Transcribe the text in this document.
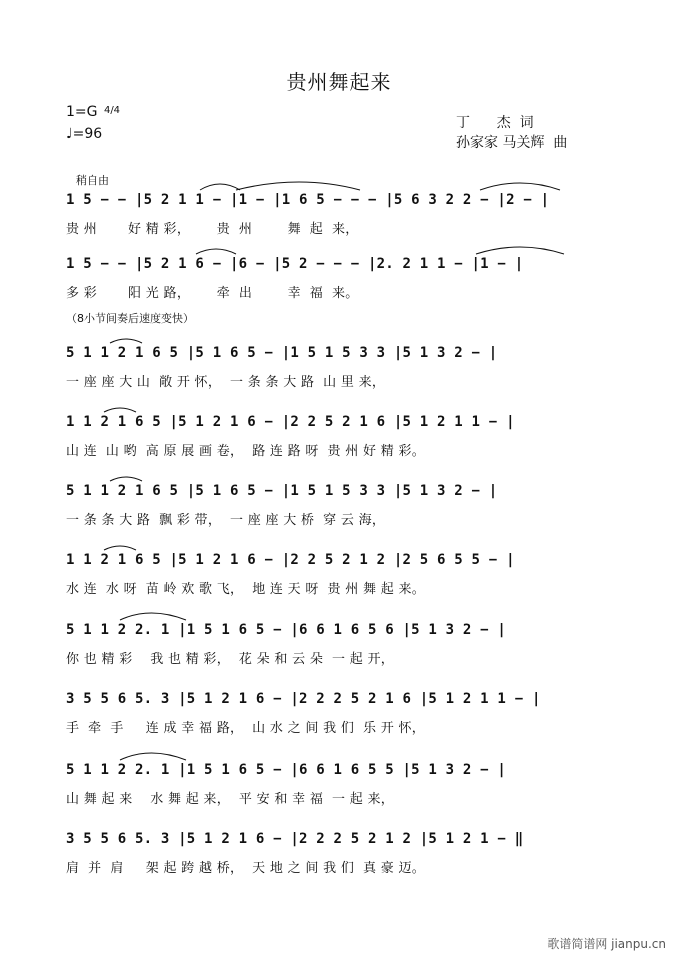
贵州舞起来
1=G $^{4/4}$
♩=96
丁      杰  词
孙家家 马关辉  曲
稍自由
（8小节间奏后速度变快）
1 5 − − |5 2 1 1 − |1 − |1 6 5 − − − |5 6 3 2 2 − |2 − |
贵 州       好 精 彩，      贵  州        舞  起  来，
1 5 − − |5 2 1 6 − |6 − |5 2 − − − |2. 2 1 1 − |1 − |
多 彩       阳 光 路，      牵  出        幸  福  来。
5 1 1 2 1 6 5 |5 1 6 5 − |1 5 1 5 3 3 |5 1 3 2 − |
一 座 座 大 山  敞 开 怀，  一 条 条 大 路  山 里 来，
1 1 2 1 6 5 |5 1 2 1 6 − |2 2 5 2 1 6 |5 1 2 1 1 − |
山 连  山 哟  高 原 展 画 卷，  路 连 路 呀  贵 州 好 精 彩。
5 1 1 2 1 6 5 |5 1 6 5 − |1 5 1 5 3 3 |5 1 3 2 − |
一 条 条 大 路  飘 彩 带，  一 座 座 大 桥  穿 云 海，
1 1 2 1 6 5 |5 1 2 1 6 − |2 2 5 2 1 2 |2 5 6 5 5 − |
水 连  水 呀  苗 岭 欢 歌 飞，  地 连 天 呀  贵 州 舞 起 来。
5 1 1 2 2. 1 |1 5 1 6 5 − |6 6 1 6 5 6 |5 1 3 2 − |
你 也 精 彩    我 也 精 彩，  花 朵 和 云 朵  一 起 开，
3 5 5 6 5. 3 |5 1 2 1 6 − |2 2 2 5 2 1 6 |5 1 2 1 1 − |
手  牵  手     连 成 幸 福 路，  山 水 之 间 我 们  乐 开 怀，
5 1 1 2 2. 1 |1 5 1 6 5 − |6 6 1 6 5 5 |5 1 3 2 − |
山 舞 起 来    水 舞 起 来，  平 安 和 幸 福  一 起 来，
3 5 5 6 5. 3 |5 1 2 1 6 − |2 2 2 5 2 1 2 |5 1 2 1 − ‖
肩  并  肩     架 起 跨 越 桥，  天 地 之 间 我 们  真 豪 迈。
歌谱简谱网 jianpu.cn
